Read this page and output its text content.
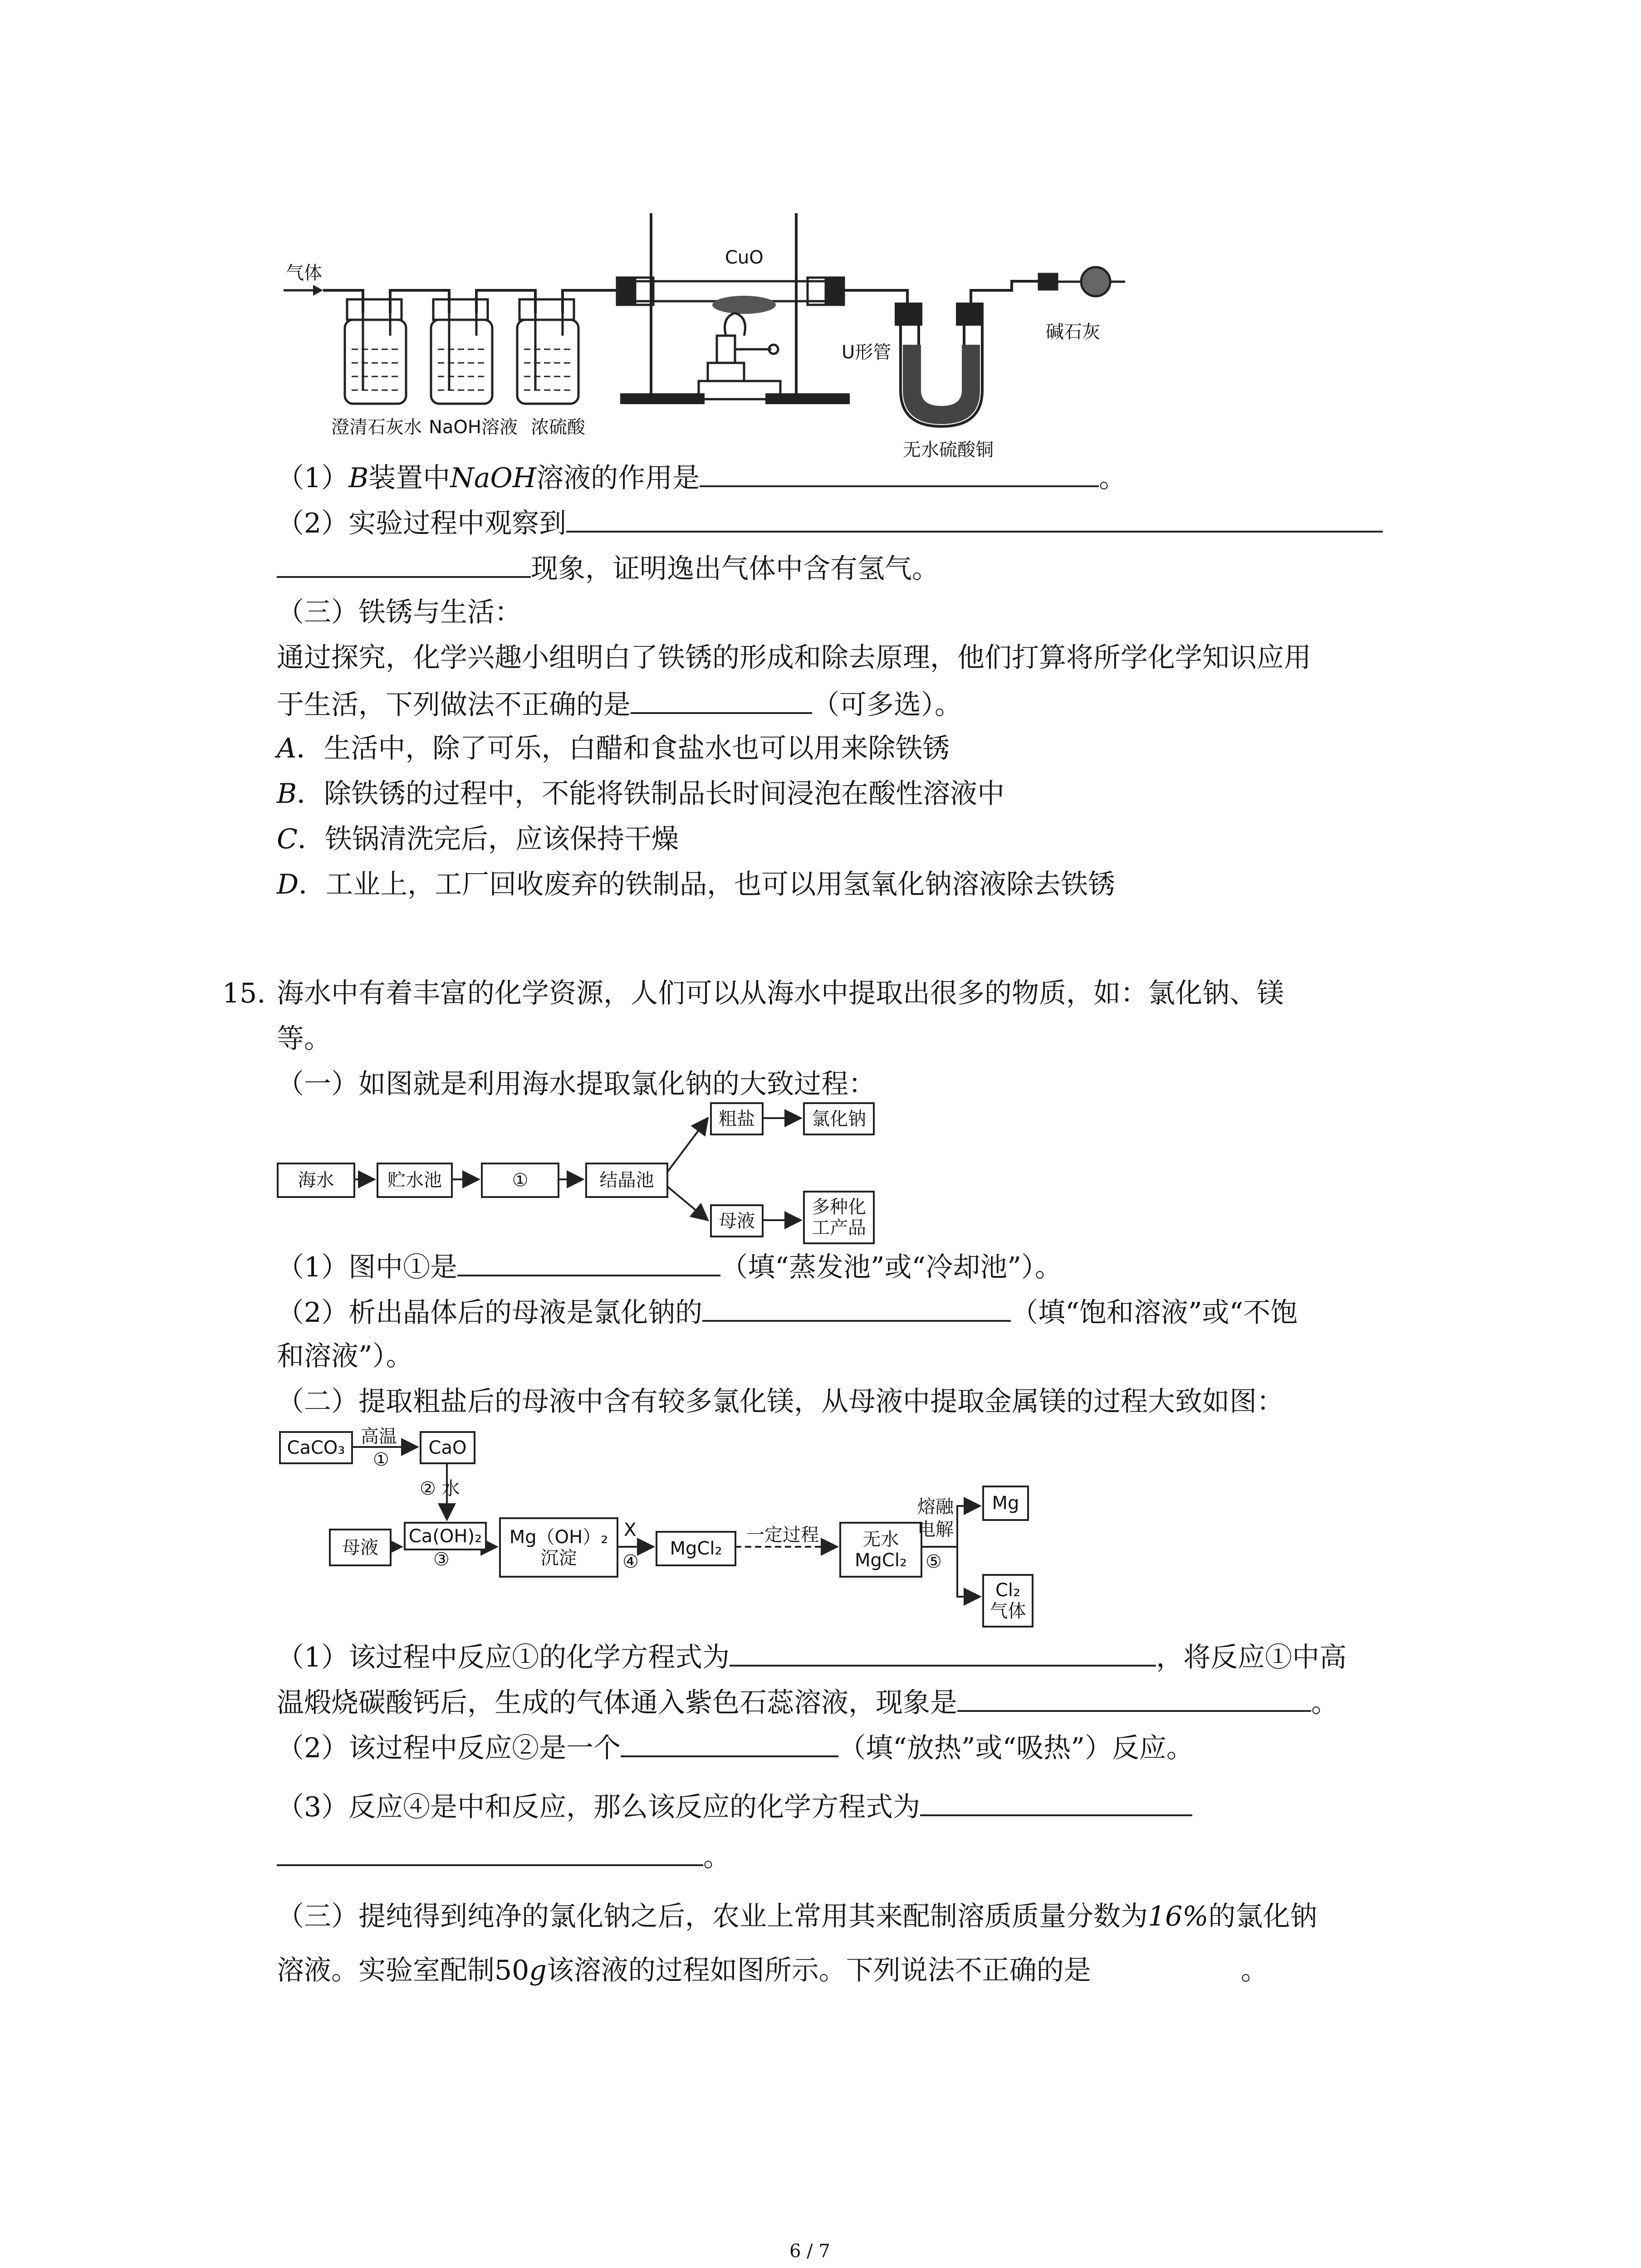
气体
CuO
U形管
碱石灰
澄清石灰水 NaOH溶液 浓硫酸
无水硫酸铜
（1）B装置中NaOH溶液的作用是	。
（2）实验过程中观察到
现象，证明逸出气体中含有氢气。
（三）铁锈与生活：
通过探究，化学兴趣小组明白了铁锈的形成和除去原理，他们打算将所学化学知识应用
于生活，下列做法不正确的是	（可多选）。
A．生活中，除了可乐，白醋和食盐水也可以用来除铁锈
B．除铁锈的过程中，不能将铁制品长时间浸泡在酸性溶液中
C．铁锅清洗完后，应该保持干燥
D．工业上，工厂回收废弃的铁制品，也可以用氢氧化钠溶液除去铁锈
15. 海水中有着丰富的化学资源，人们可以从海水中提取出很多的物质，如：氯化钠、镁
等。
（一）如图就是利用海水提取氯化钠的大致过程：
海水	贮水池	①	结晶池
粗盐	氯化钠
母液
多种化
工产品
（1）图中①是	（填“蒸发池”或“冷却池”）。
（2）析出晶体后的母液是氯化钠的	（填“饱和溶液”或“不饱
和溶液”）。
（二）提取粗盐后的母液中含有较多氯化镁，从母液中提取金属镁的过程大致如图：
CaCO₃
高温
①
CaO
② 水
母液
Ca(OH)₂
③
Mg（OH）₂
沉淀
X
④
MgCl₂
一定过程 无水
MgCl₂
熔融
电解
⑤
Mg
Cl₂
气体
（1）该过程中反应①的化学方程式为	，将反应①中高
温煅烧碳酸钙后，生成的气体通入紫色石蕊溶液，现象是	。
（2）该过程中反应②是一个	（填“放热”或“吸热”）反应。
（3）反应④是中和反应，那么该反应的化学方程式为
。
（三）提纯得到纯净的氯化钠之后，农业上常用其来配制溶质质量分数为16%的氯化钠
溶液。实验室配制50g该溶液的过程如图所示。下列说法不正确的是	。
6 / 7
